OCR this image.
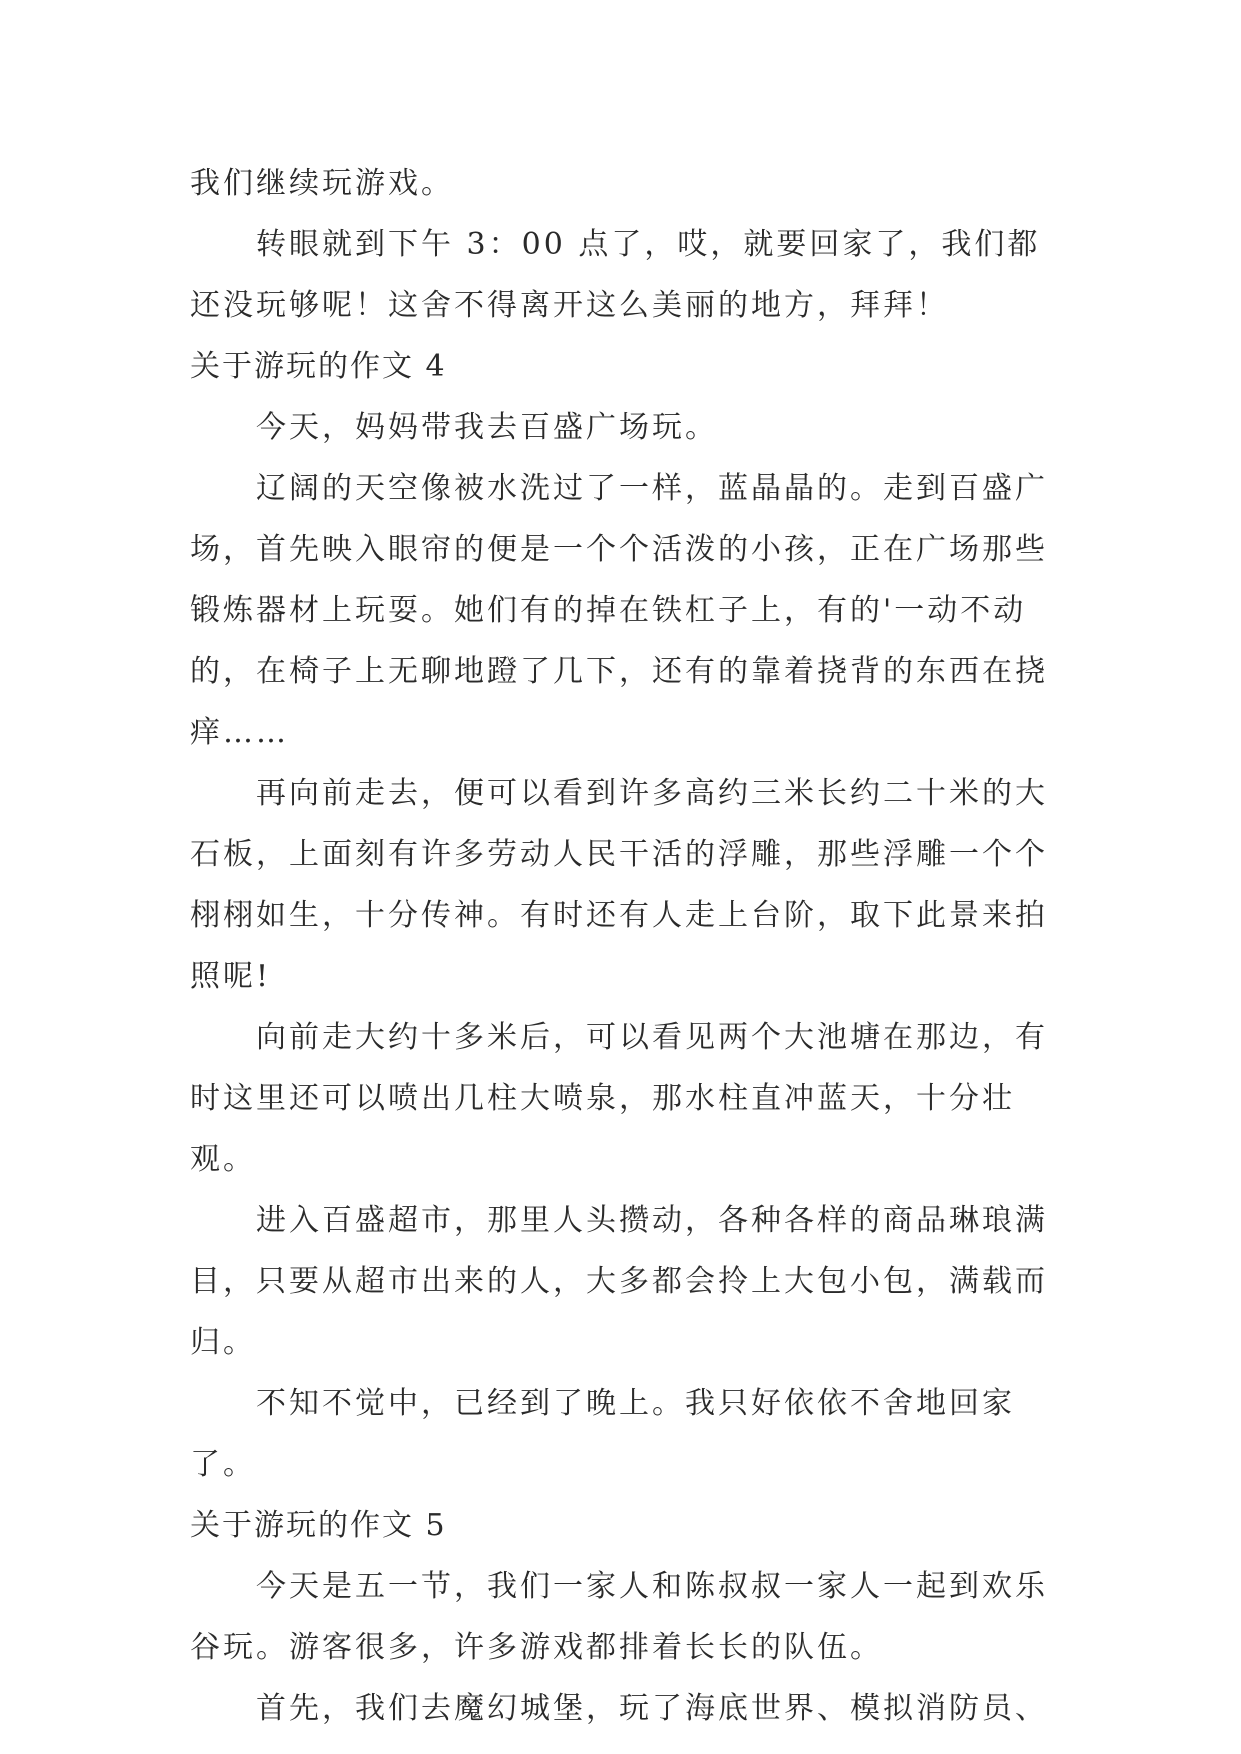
我们继续玩游戏。

转眼就到下午 3：00 点了，哎，就要回家了，我们都还没玩够呢！这舍不得离开这么美丽的地方，拜拜！

关于游玩的作文 4

今天，妈妈带我去百盛广场玩。

辽阔的天空像被水洗过了一样，蓝晶晶的。走到百盛广场，首先映入眼帘的便是一个个活泼的小孩，正在广场那些锻炼器材上玩耍。她们有的掉在铁杠子上，有的'一动不动的，在椅子上无聊地蹬了几下，还有的靠着挠背的东西在挠痒……

再向前走去，便可以看到许多高约三米长约二十米的大石板，上面刻有许多劳动人民干活的浮雕，那些浮雕一个个栩栩如生，十分传神。有时还有人走上台阶，取下此景来拍照呢!

向前走大约十多米后，可以看见两个大池塘在那边，有时这里还可以喷出几柱大喷泉，那水柱直冲蓝天，十分壮观。

进入百盛超市，那里人头攒动，各种各样的商品琳琅满目，只要从超市出来的人，大多都会拎上大包小包，满载而归。

不知不觉中，已经到了晚上。我只好依依不舍地回家了。

关于游玩的作文 5

今天是五一节，我们一家人和陈叔叔一家人一起到欢乐谷玩。游客很多，许多游戏都排着长长的队伍。

首先，我们去魔幻城堡，玩了海底世界、模拟消防员、
